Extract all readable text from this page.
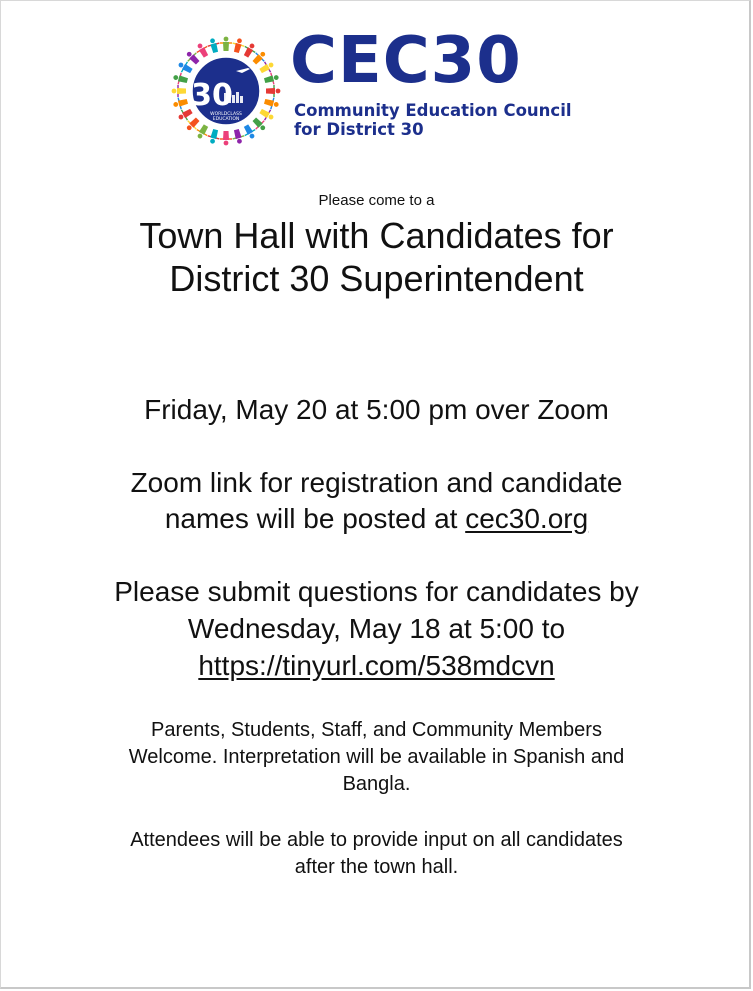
30
WORLDCLASS
EDUCATION
CEC30
Community Education Council
for District 30
Please come to a
Town Hall with Candidates for
District 30 Superintendent
Friday, May 20 at 5:00 pm over Zoom
Zoom link for registration and candidate
names will be posted at cec30.org
Please submit questions for candidates by
Wednesday, May 18 at 5:00 to
https://tinyurl.com/538mdcvn
Parents, Students, Staff, and Community Members
Welcome. Interpretation will be available in Spanish and
Bangla.
Attendees will be able to provide input on all candidates
after the town hall.
